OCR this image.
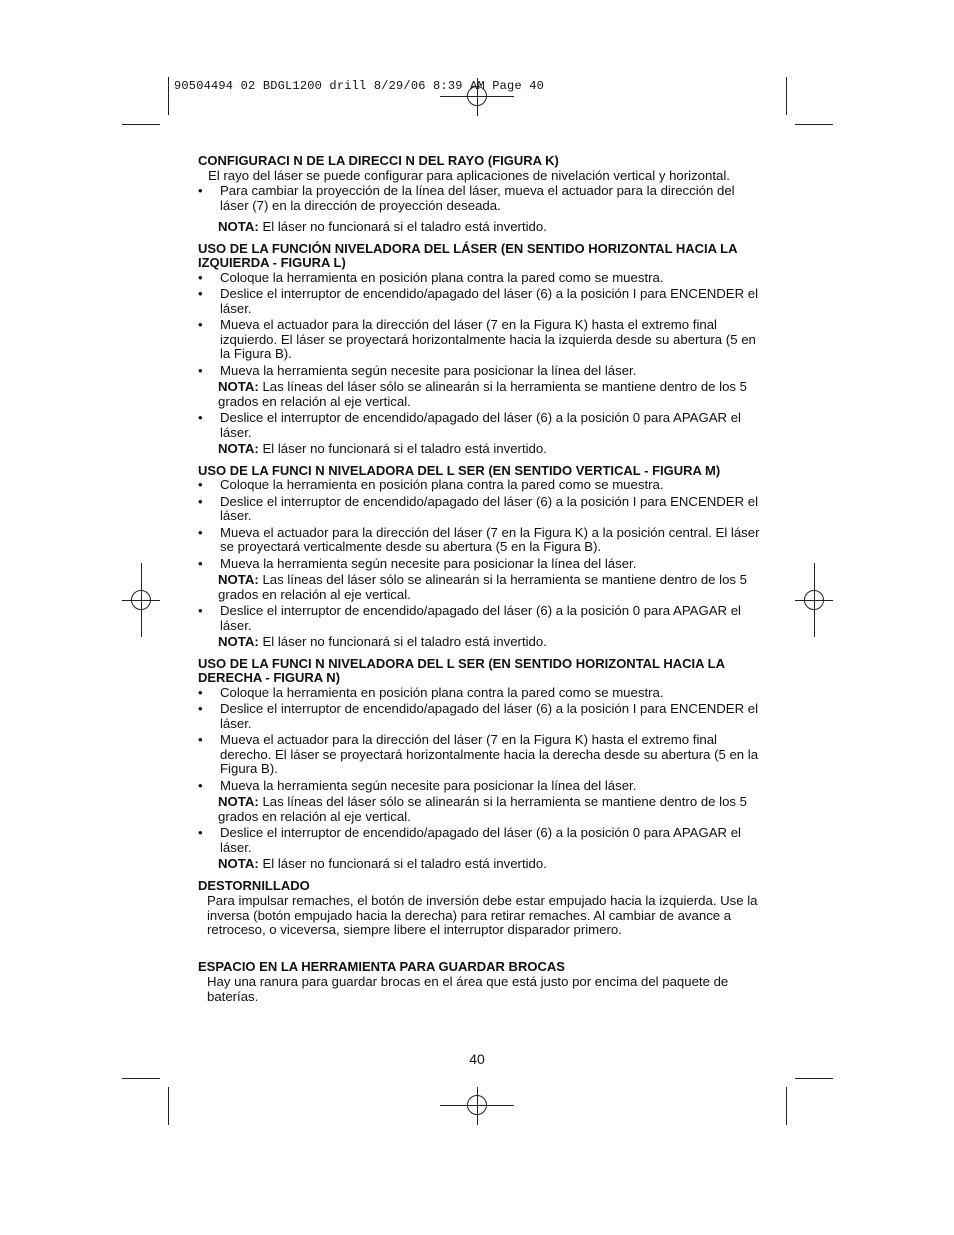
90504494 02 BDGL1200 drill 8/29/06 8:39 AM Page 40
CONFIGURACI N DE LA DIRECCI N DEL RAYO (FIGURA K)
El rayo del láser se puede configurar para aplicaciones de nivelación vertical y horizontal.
• Para cambiar la proyección de la línea del láser, mueva el actuador para la dirección del láser (7) en la dirección de proyección deseada.
NOTA: El láser no funcionará si el taladro está invertido.
USO DE LA FUNCIÓN NIVELADORA DEL LÁSER (EN SENTIDO HORIZONTAL HACIA LA IZQUIERDA - FIGURA L)
• Coloque la herramienta en posición plana contra la pared como se muestra.
• Deslice el interruptor de encendido/apagado del láser (6) a la posición I para ENCENDER el láser.
• Mueva el actuador para la dirección del láser (7 en la Figura K) hasta el extremo final izquierdo. El láser se proyectará horizontalmente hacia la izquierda desde su abertura (5 en la Figura B).
• Mueva la herramienta según necesite para posicionar la línea del láser.
NOTA: Las líneas del láser sólo se alinearán si la herramienta se mantiene dentro de los 5 grados en relación al eje vertical.
• Deslice el interruptor de encendido/apagado del láser (6) a la posición 0 para APAGAR el láser.
NOTA: El láser no funcionará si el taladro está invertido.
USO DE LA FUNCI N NIVELADORA DEL L SER (EN SENTIDO VERTICAL - FIGURA M)
• Coloque la herramienta en posición plana contra la pared como se muestra.
• Deslice el interruptor de encendido/apagado del láser (6) a la posición I para ENCENDER el láser.
• Mueva el actuador para la dirección del láser (7 en la Figura K) a la posición central. El láser se proyectará verticalmente desde su abertura (5 en la Figura B).
• Mueva la herramienta según necesite para posicionar la línea del láser.
NOTA: Las líneas del láser sólo se alinearán si la herramienta se mantiene dentro de los 5 grados en relación al eje vertical.
• Deslice el interruptor de encendido/apagado del láser (6) a la posición 0 para APAGAR el láser.
NOTA: El láser no funcionará si el taladro está invertido.
USO DE LA FUNCI N NIVELADORA DEL L SER (EN SENTIDO HORIZONTAL HACIA LA DERECHA - FIGURA N)
• Coloque la herramienta en posición plana contra la pared como se muestra.
• Deslice el interruptor de encendido/apagado del láser (6) a la posición I para ENCENDER el láser.
• Mueva el actuador para la dirección del láser (7 en la Figura K) hasta el extremo final derecho. El láser se proyectará horizontalmente hacia la derecha desde su abertura (5 en la Figura B).
• Mueva la herramienta según necesite para posicionar la línea del láser.
NOTA: Las líneas del láser sólo se alinearán si la herramienta se mantiene dentro de los 5 grados en relación al eje vertical.
• Deslice el interruptor de encendido/apagado del láser (6) a la posición 0 para APAGAR el láser.
NOTA: El láser no funcionará si el taladro está invertido.
DESTORNILLADO
Para impulsar remaches, el botón de inversión debe estar empujado hacia la izquierda. Use la inversa (botón empujado hacia la derecha) para retirar remaches. Al cambiar de avance a retroceso, o viceversa, siempre libere el interruptor disparador primero.
ESPACIO EN LA HERRAMIENTA PARA GUARDAR BROCAS
Hay una ranura para guardar brocas en el área que está justo por encima del paquete de baterías.
40
